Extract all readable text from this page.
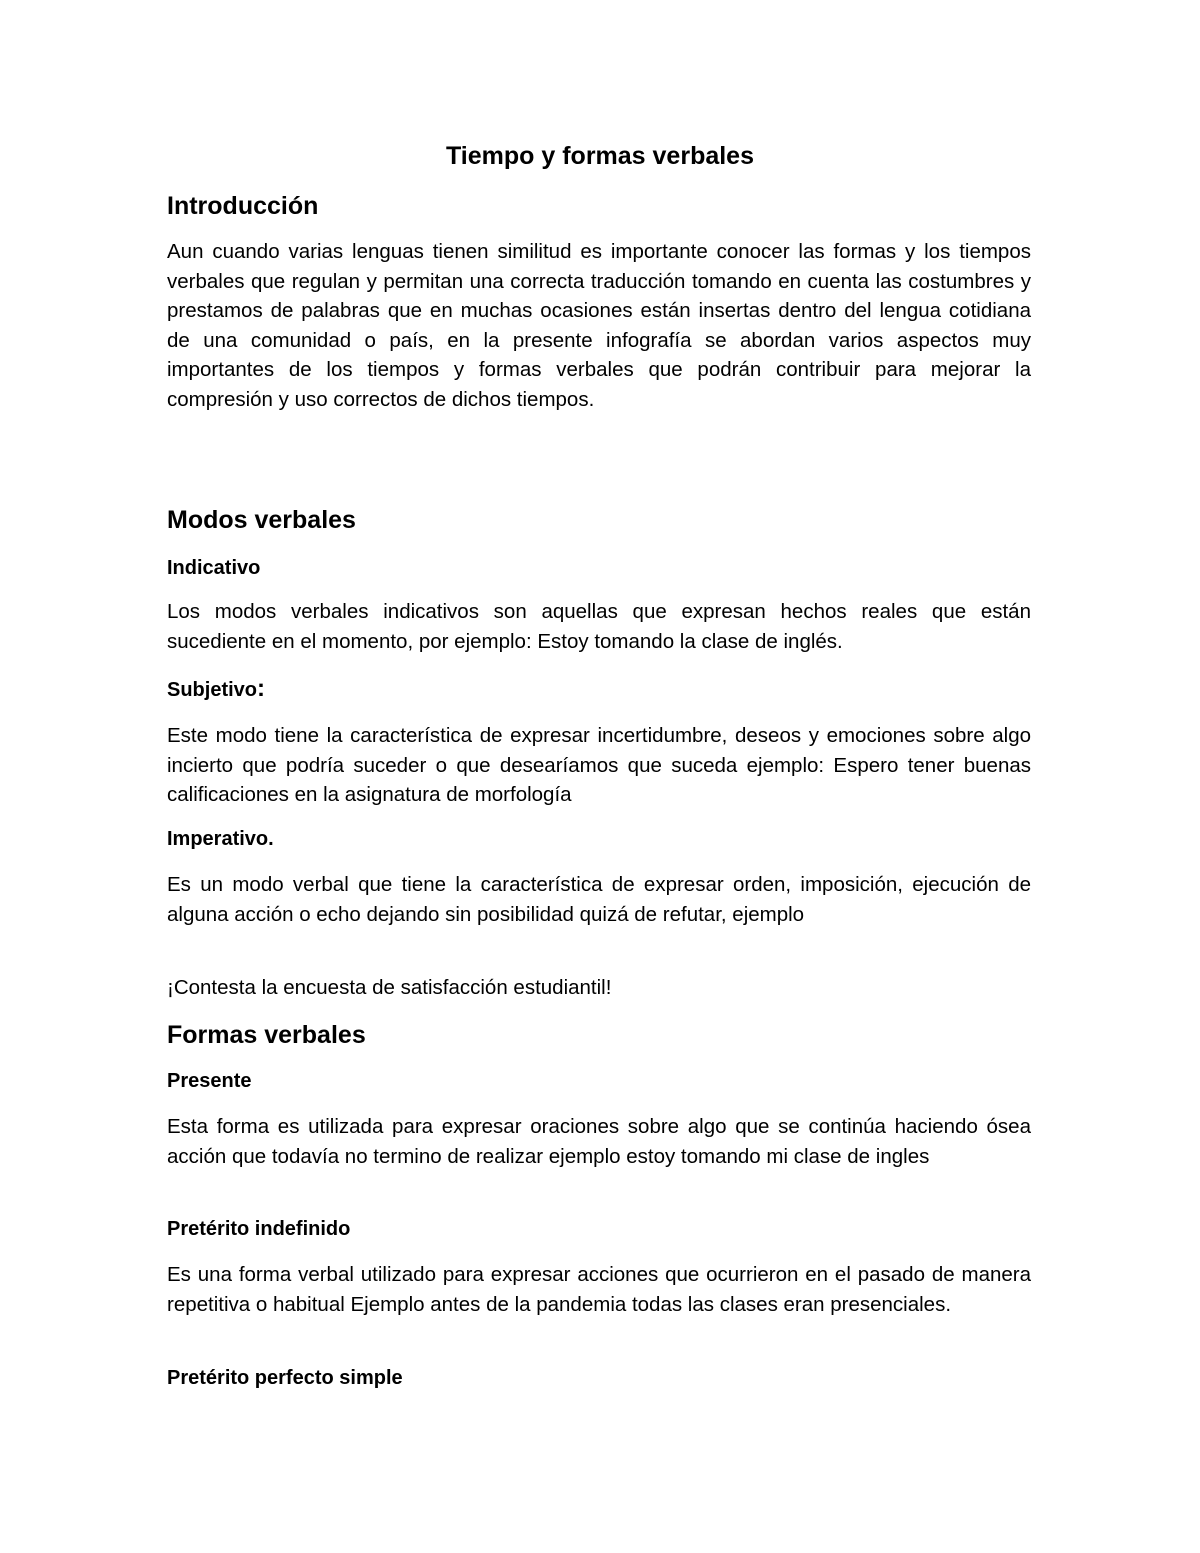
Tiempo y formas verbales
Introducción

Aun cuando varias lenguas tienen similitud es importante conocer las formas y los tiempos verbales que regulan y permitan una correcta traducción tomando en cuenta las costumbres y prestamos de palabras que en muchas ocasiones están insertas dentro del lengua cotidiana de una comunidad o país, en la presente infografía se abordan varios aspectos muy importantes de los tiempos y formas verbales que podrán contribuir para mejorar la compresión y uso correctos de dichos tiempos.

Modos verbales
Indicativo

Los modos verbales indicativos son aquellas que expresan hechos reales que están sucediente en el momento, por ejemplo: Estoy tomando la clase de inglés.

Subjetivo:

Este modo tiene la característica de expresar incertidumbre, deseos y emociones sobre algo incierto que podría suceder o que desearíamos que suceda ejemplo: Espero tener buenas calificaciones en la asignatura de morfología

Imperativo.

Es un modo verbal que tiene la característica de expresar orden, imposición, ejecución de alguna acción o echo dejando sin posibilidad quizá de refutar, ejemplo

¡Contesta la encuesta de satisfacción estudiantil!

Formas verbales
Presente

Esta forma es utilizada para expresar oraciones sobre algo que se continúa haciendo ósea acción que todavía no termino de realizar ejemplo estoy tomando mi clase de ingles

Pretérito indefinido

Es una forma verbal utilizado para expresar acciones que ocurrieron en el pasado de manera repetitiva o habitual Ejemplo antes de la pandemia todas las clases eran presenciales.

Pretérito perfecto simple
